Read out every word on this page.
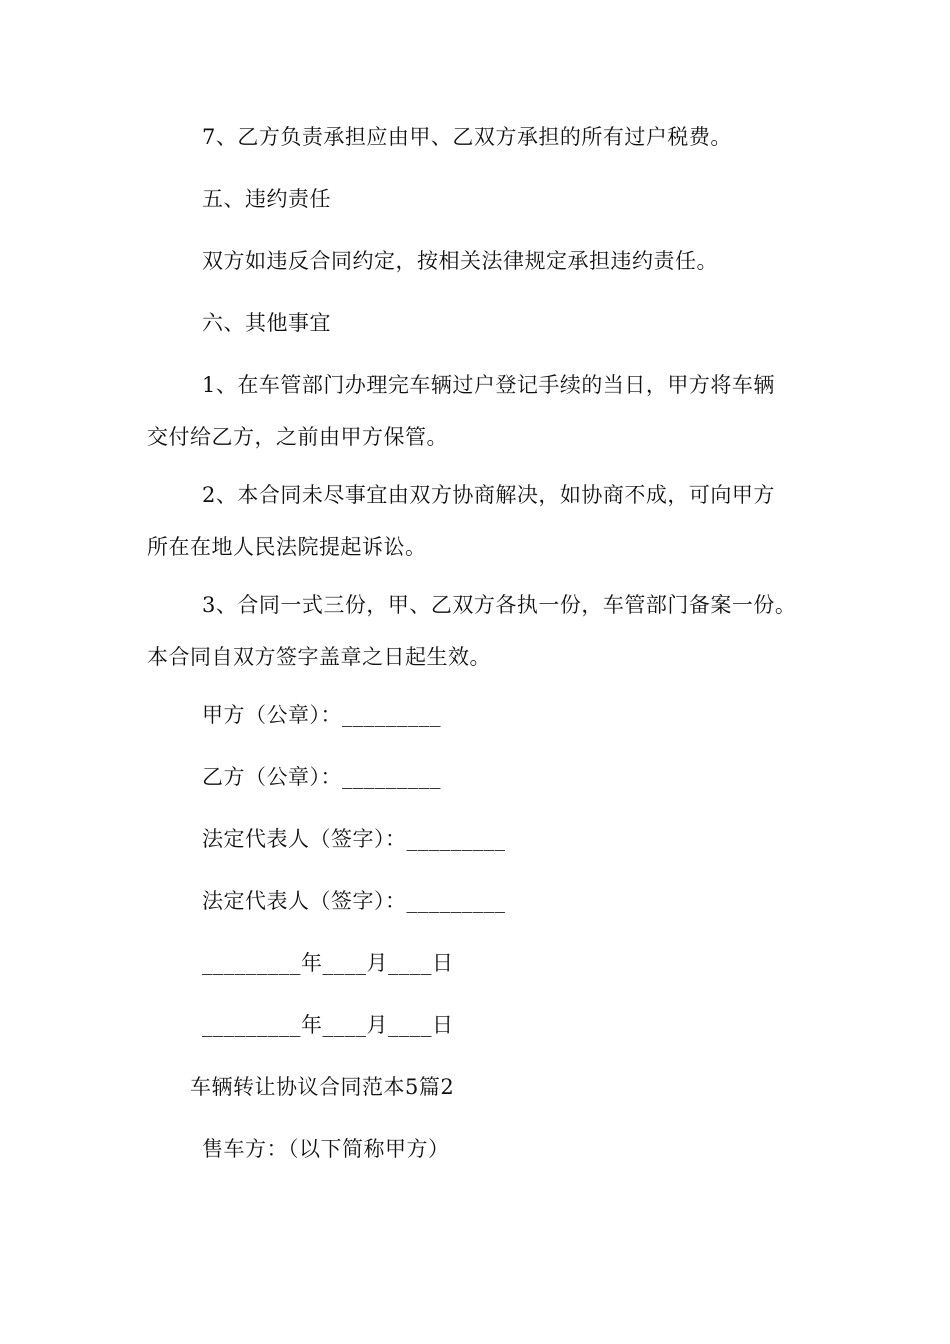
7、乙方负责承担应由甲、乙双方承担的所有过户税费。
五、违约责任
双方如违反合同约定，按相关法律规定承担违约责任。
六、其他事宜
1、在车管部门办理完车辆过户登记手续的当日，甲方将车辆
交付给乙方，之前由甲方保管。
2、本合同未尽事宜由双方协商解决，如协商不成，可向甲方
所在在地人民法院提起诉讼。
3、合同一式三份，甲、乙双方各执一份，车管部门备案一份。
本合同自双方签字盖章之日起生效。
甲方（公章）：_________
乙方（公章）：_________
法定代表人（签字）：_________
法定代表人（签字）：_________
_________年____月____日
_________年____月____日
车辆转让协议合同范本5篇2
售车方：（以下简称甲方）
